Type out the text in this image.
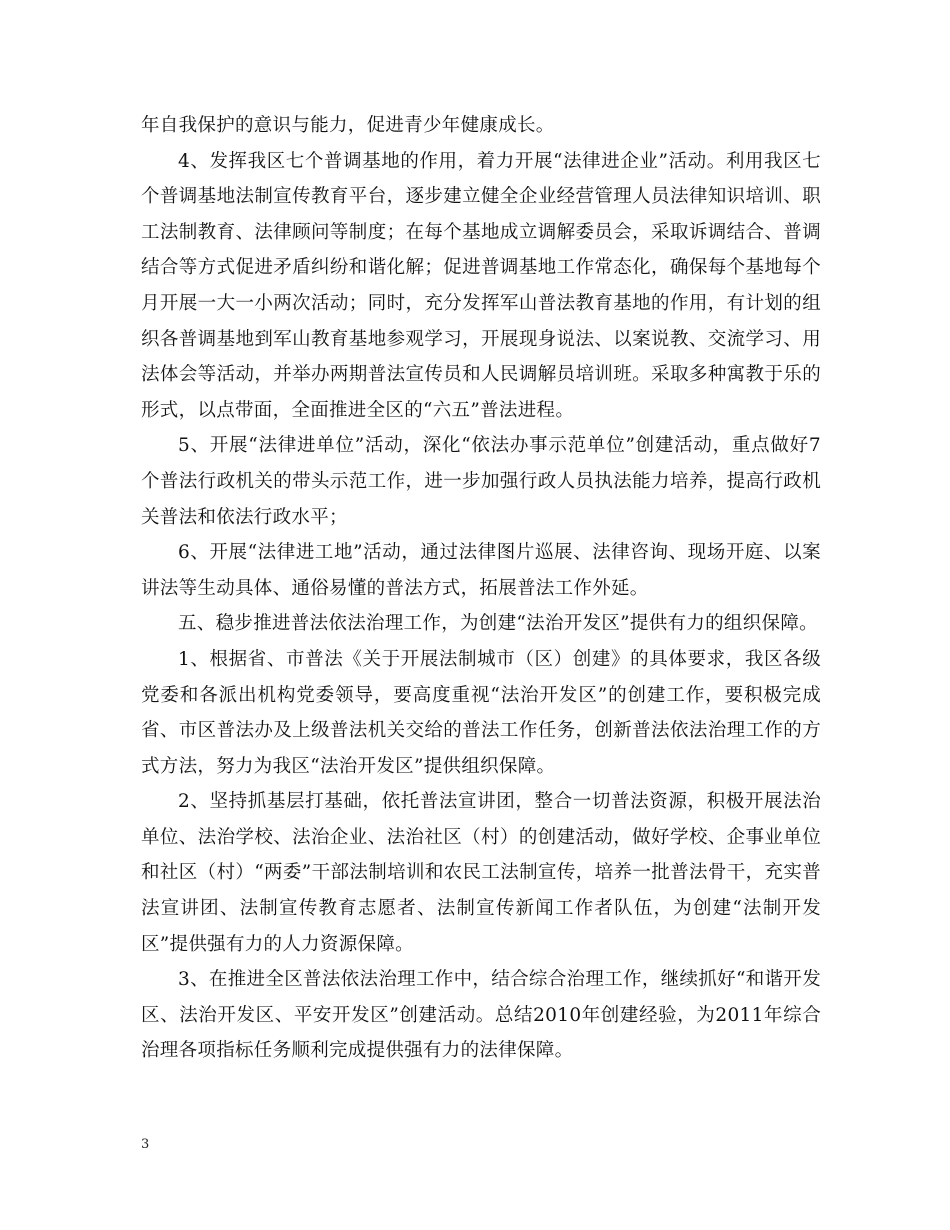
年自我保护的意识与能力，促进青少年健康成长。

4、发挥我区七个普调基地的作用，着力开展“法律进企业”活动。利用我区七个普调基地法制宣传教育平台，逐步建立健全企业经营管理人员法律知识培训、职工法制教育、法律顾问等制度；在每个基地成立调解委员会，采取诉调结合、普调结合等方式促进矛盾纠纷和谐化解；促进普调基地工作常态化，确保每个基地每个月开展一大一小两次活动；同时，充分发挥军山普法教育基地的作用，有计划的组织各普调基地到军山教育基地参观学习，开展现身说法、以案说教、交流学习、用法体会等活动，并举办两期普法宣传员和人民调解员培训班。采取多种寓教于乐的形式，以点带面，全面推进全区的“六五”普法进程。

5、开展“法律进单位”活动，深化“依法办事示范单位”创建活动，重点做好7个普法行政机关的带头示范工作，进一步加强行政人员执法能力培养，提高行政机关普法和依法行政水平；

6、开展“法律进工地”活动，通过法律图片巡展、法律咨询、现场开庭、以案讲法等生动具体、通俗易懂的普法方式，拓展普法工作外延。

五、稳步推进普法依法治理工作，为创建“法治开发区”提供有力的组织保障。

1、根据省、市普法《关于开展法制城市（区）创建》的具体要求，我区各级党委和各派出机构党委领导，要高度重视“法治开发区”的创建工作，要积极完成省、市区普法办及上级普法机关交给的普法工作任务，创新普法依法治理工作的方式方法，努力为我区“法治开发区”提供组织保障。

2、坚持抓基层打基础，依托普法宣讲团，整合一切普法资源，积极开展法治单位、法治学校、法治企业、法治社区（村）的创建活动，做好学校、企事业单位和社区（村）“两委”干部法制培训和农民工法制宣传，培养一批普法骨干，充实普法宣讲团、法制宣传教育志愿者、法制宣传新闻工作者队伍，为创建“法制开发区”提供强有力的人力资源保障。

3、在推进全区普法依法治理工作中，结合综合治理工作，继续抓好“和谐开发区、法治开发区、平安开发区”创建活动。总结2010年创建经验，为2011年综合治理各项指标任务顺利完成提供强有力的法律保障。

3
